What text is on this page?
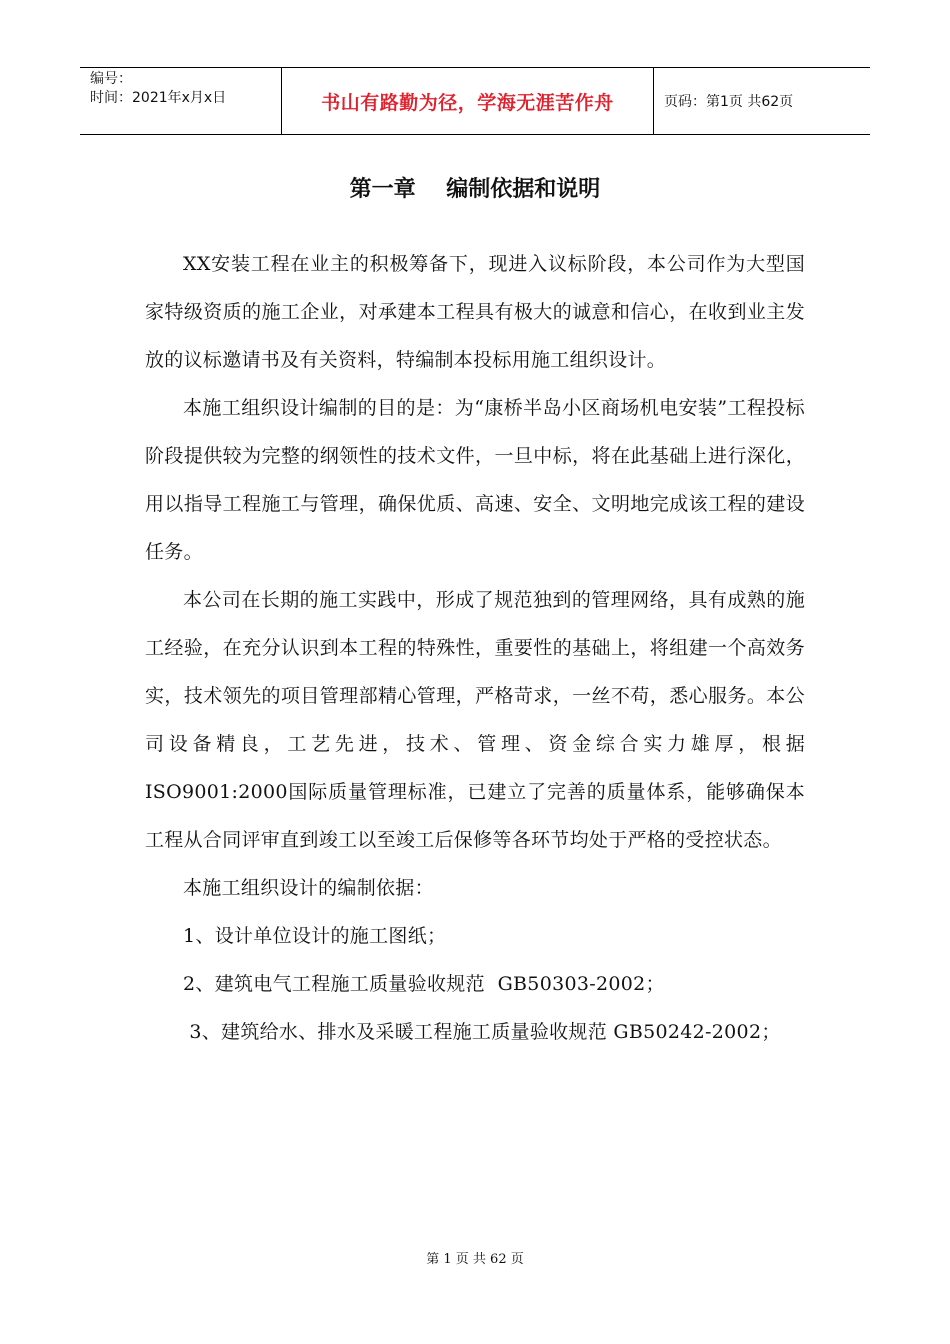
编号：
时间：2021年x月x日	书山有路勤为径，学海无涯苦作舟	页码：第1页 共62页
第一章    编制依据和说明

XX安装工程在业主的积极筹备下，现进入议标阶段，本公司作为大型国家特级资质的施工企业，对承建本工程具有极大的诚意和信心，在收到业主发放的议标邀请书及有关资料，特编制本投标用施工组织设计。

本施工组织设计编制的目的是：为“康桥半岛小区商场机电安装”工程投标阶段提供较为完整的纲领性的技术文件，一旦中标，将在此基础上进行深化，用以指导工程施工与管理，确保优质、高速、安全、文明地完成该工程的建设任务。

本公司在长期的施工实践中，形成了规范独到的管理网络，具有成熟的施工经验，在充分认识到本工程的特殊性，重要性的基础上，将组建一个高效务实，技术领先的项目管理部精心管理，严格苛求，一丝不苟，悉心服务。本公司设备精良，工艺先进，技术、管理、资金综合实力雄厚，根据ISO9001:2000国际质量管理标准，已建立了完善的质量体系，能够确保本工程从合同评审直到竣工以至竣工后保修等各环节均处于严格的受控状态。

本施工组织设计的编制依据：

1、设计单位设计的施工图纸；

2、建筑电气工程施工质量验收规范  GB50303-2002；

3、建筑给水、排水及采暖工程施工质量验收规范 GB50242-2002；

第 1 页 共 62 页
